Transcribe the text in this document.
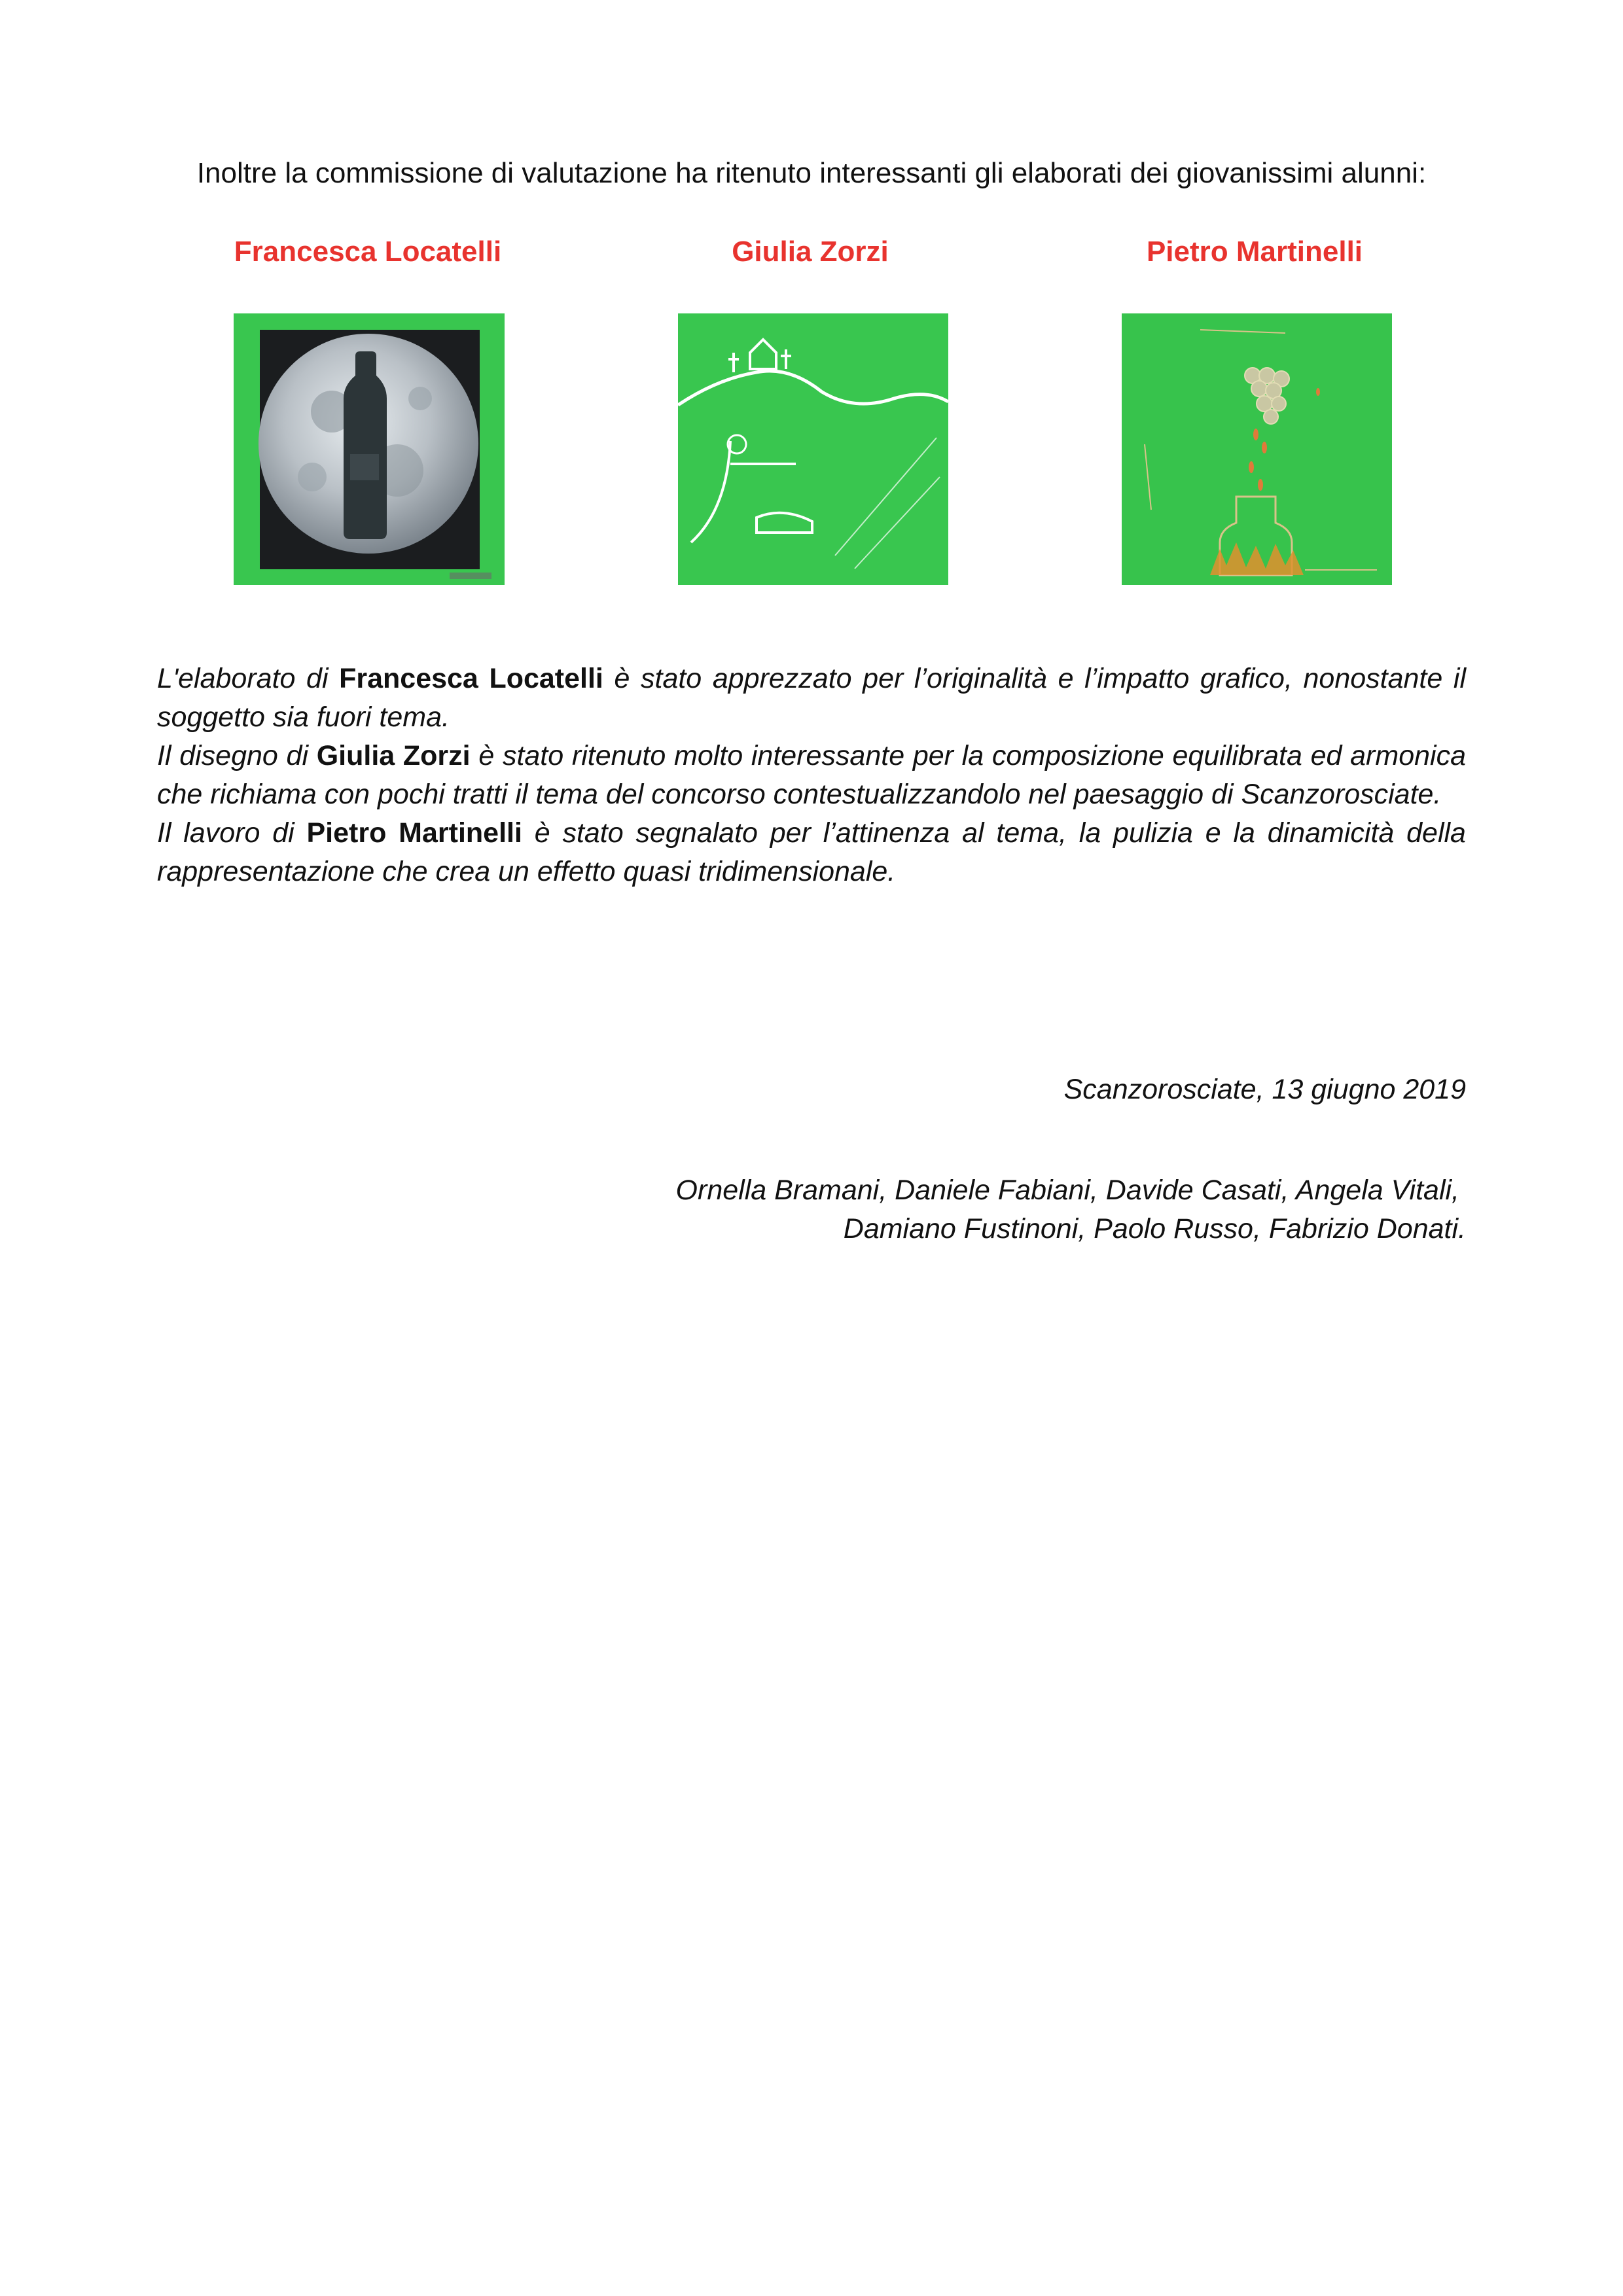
Inoltre la commissione di valutazione ha ritenuto interessanti gli elaborati dei giovanissimi alunni:
Francesca Locatelli	Giulia Zorzi	Pietro Martinelli

L'elaborato di Francesca Locatelli è stato apprezzato per l’originalità e l’impatto grafico, nonostante il soggetto sia fuori tema.

Il disegno di Giulia Zorzi è stato ritenuto molto interessante per la composizione equilibrata ed armonica che richiama con pochi tratti il tema del concorso contestualizzandolo nel paesaggio di Scanzorosciate.

Il lavoro di Pietro Martinelli è stato segnalato per l’attinenza al tema, la pulizia e la dinamicità della rappresentazione che crea un effetto quasi tridimensionale.

Scanzorosciate, 13 giugno 2019
Ornella Bramani, Daniele Fabiani, Davide Casati, Angela Vitali,
Damiano Fustinoni, Paolo Russo, Fabrizio Donati.
